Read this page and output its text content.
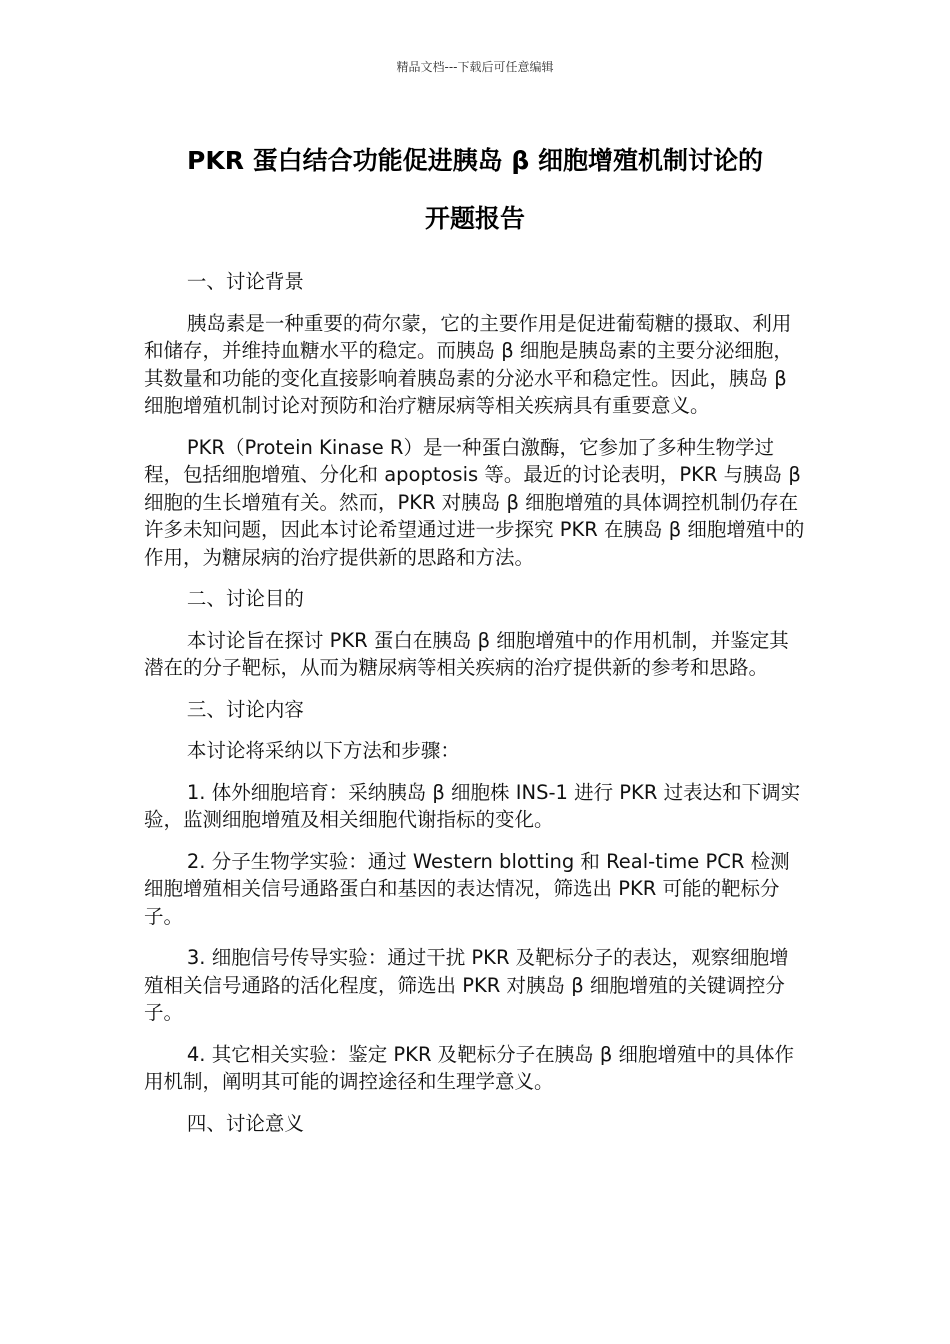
精品文档---下载后可任意编辑
PKR 蛋白结合功能促进胰岛 β 细胞增殖机制讨论的
开题报告

一、讨论背景

胰岛素是一种重要的荷尔蒙，它的主要作用是促进葡萄糖的摄取、利用和储存，并维持血糖水平的稳定。而胰岛 β 细胞是胰岛素的主要分泌细胞，其数量和功能的变化直接影响着胰岛素的分泌水平和稳定性。因此，胰岛 β 细胞增殖机制讨论对预防和治疗糖尿病等相关疾病具有重要意义。

PKR（Protein Kinase R）是一种蛋白激酶，它参加了多种生物学过程，包括细胞增殖、分化和 apoptosis 等。最近的讨论表明，PKR 与胰岛 β 细胞的生长增殖有关。然而，PKR 对胰岛 β 细胞增殖的具体调控机制仍存在许多未知问题，因此本讨论希望通过进一步探究 PKR 在胰岛 β 细胞增殖中的作用，为糖尿病的治疗提供新的思路和方法。

二、讨论目的

本讨论旨在探讨 PKR 蛋白在胰岛 β 细胞增殖中的作用机制，并鉴定其潜在的分子靶标，从而为糖尿病等相关疾病的治疗提供新的参考和思路。

三、讨论内容

本讨论将采纳以下方法和步骤：

1. 体外细胞培育：采纳胰岛 β 细胞株 INS-1 进行 PKR 过表达和下调实验，监测细胞增殖及相关细胞代谢指标的变化。

2. 分子生物学实验：通过 Western blotting 和 Real-time PCR 检测细胞增殖相关信号通路蛋白和基因的表达情况，筛选出 PKR 可能的靶标分子。

3. 细胞信号传导实验：通过干扰 PKR 及靶标分子的表达，观察细胞增殖相关信号通路的活化程度，筛选出 PKR 对胰岛 β 细胞增殖的关键调控分子。

4. 其它相关实验：鉴定 PKR 及靶标分子在胰岛 β 细胞增殖中的具体作用机制，阐明其可能的调控途径和生理学意义。

四、讨论意义
